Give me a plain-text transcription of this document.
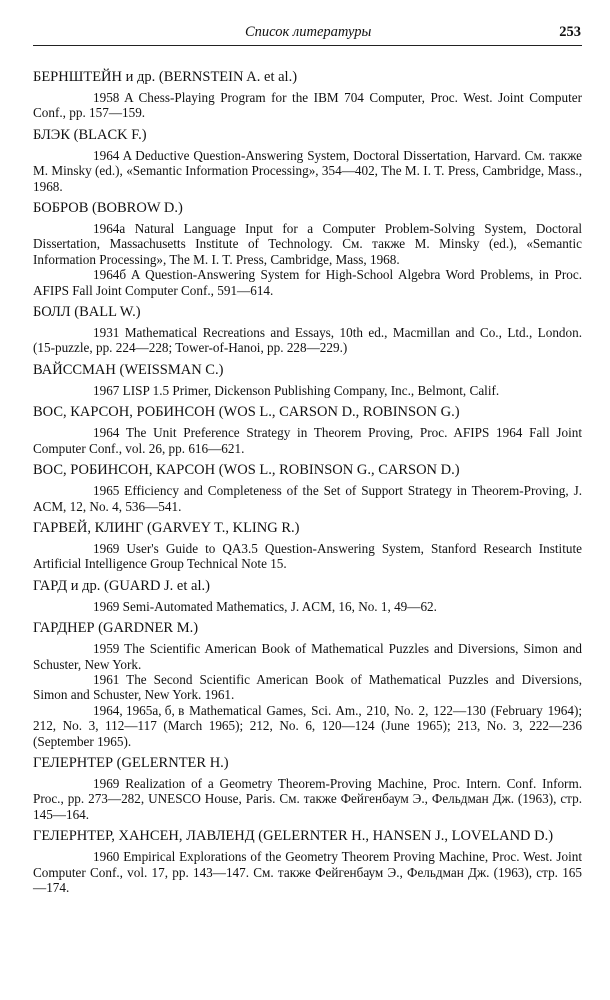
Список литературы	253
БЕРНШТЕЙН и др. (BERNSTEIN A. et al.)

1958 A Chess-Playing Program for the IBM 704 Computer, Proc. West. Joint Computer Conf., pp. 157—159.

БЛЭК (BLACK F.)

1964 A Deductive Question-Answering System, Doctoral Dissertation, Harvard. См. также M. Minsky (ed.), «Semantic Information Processing», 354—402, The M. I. T. Press, Cambridge, Mass., 1968.

БОБРОВ (BOBROW D.)

1964a Natural Language Input for a Computer Problem-Solving System, Doctoral Dissertation, Massachusetts Institute of Technology. См. также M. Minsky (ed.), «Semantic Information Processing», The M. I. T. Press, Cambridge, Mass, 1968.

1964б A Question-Answering System for High-School Algebra Word Problems, in Proc. AFIPS Fall Joint Computer Conf., 591—614.

БОЛЛ (BALL W.)

1931 Mathematical Recreations and Essays, 10th ed., Macmillan and Co., Ltd., London. (15-puzzle, pp. 224—228; Tower-of-Hanoi, pp. 228—229.)

ВАЙССМАН (WEISSMAN C.)

1967 LISP 1.5 Primer, Dickenson Publishing Company, Inc., Belmont, Calif.

ВОС, КАРСОН, РОБИНСОН (WOS L., CARSON D., ROBINSON G.)

1964 The Unit Preference Strategy in Theorem Proving, Proc. AFIPS 1964 Fall Joint Computer Conf., vol. 26, pp. 616—621.

ВОС, РОБИНСОН, КАРСОН (WOS L., ROBINSON G., CARSON D.)

1965 Efficiency and Completeness of the Set of Support Strategy in Theorem-Proving, J. ACM, 12, No. 4, 536—541.

ГАРВЕЙ, КЛИНГ (GARVEY T., KLING R.)

1969 User's Guide to QA3.5 Question-Answering System, Stanford Research Institute Artificial Intelligence Group Technical Note 15.

ГАРД и др. (GUARD J. et al.)

1969 Semi-Automated Mathematics, J. ACM, 16, No. 1, 49—62.

ГАРДНЕР (GARDNER M.)

1959 The Scientific American Book of Mathematical Puzzles and Diversions, Simon and Schuster, New York.

1961 The Second Scientific American Book of Mathematical Puzzles and Diversions, Simon and Schuster, New York. 1961.

1964, 1965а, б, в Mathematical Games, Sci. Am., 210, No. 2, 122—130 (February 1964); 212, No. 3, 112—117 (March 1965); 212, No. 6, 120—124 (June 1965); 213, No. 3, 222—236 (September 1965).

ГЕЛЕРНТЕР (GELERNTER H.)

1969 Realization of a Geometry Theorem-Proving Machine, Proc. Intern. Conf. Inform. Proc., pp. 273—282, UNESCO House, Paris. См. также Фейгенбаум Э., Фельдман Дж. (1963), стр. 145—164.

ГЕЛЕРНТЕР, ХАНСЕН, ЛАВЛЕНД (GELERNTER H., HANSEN J., LOVELAND D.)

1960 Empirical Explorations of the Geometry Theorem Proving Machine, Proc. West. Joint Computer Conf., vol. 17, pp. 143—147. См. также Фейгенбаум Э., Фельдман Дж. (1963), стр. 165—174.
